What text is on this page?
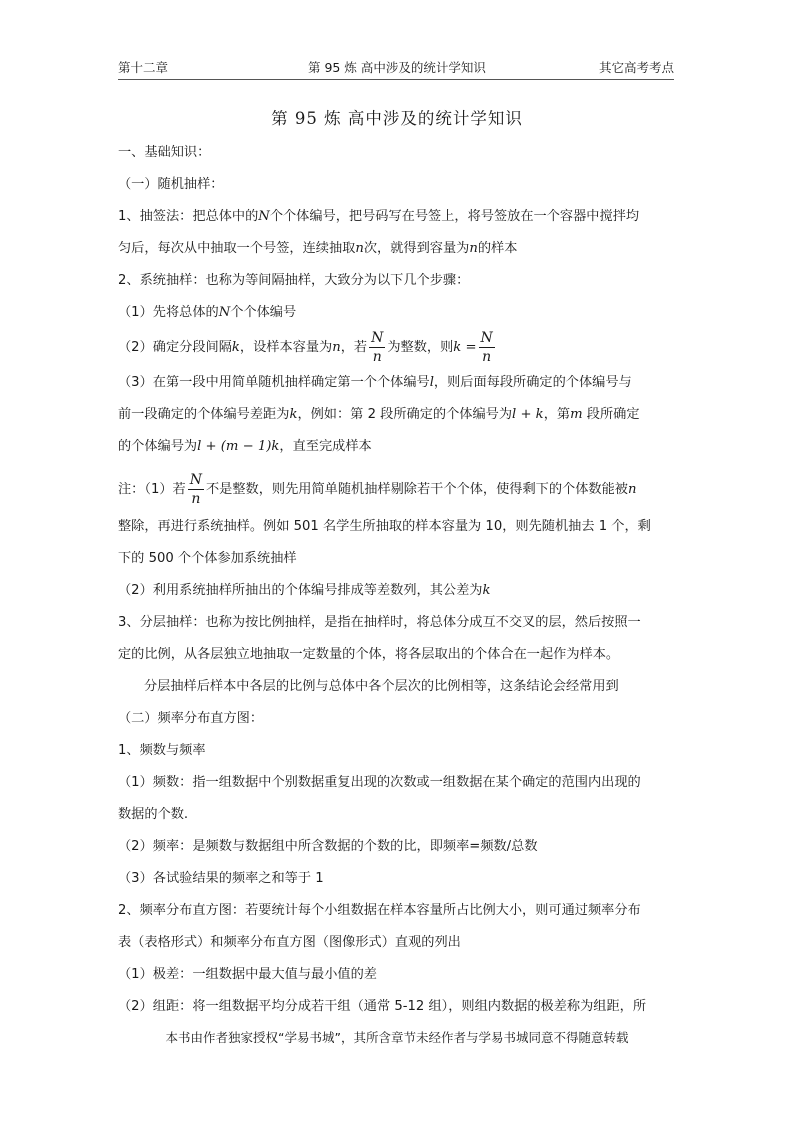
第十二章	第 95 炼 高中涉及的统计学知识	其它高考考点
第 95 炼 高中涉及的统计学知识
一、基础知识：
（一）随机抽样：
1、抽签法：把总体中的N个个体编号，把号码写在号签上，将号签放在一个容器中搅拌均
匀后，每次从中抽取一个号签，连续抽取n次，就得到容量为n的样本
2、系统抽样：也称为等间隔抽样，大致分为以下几个步骤：
（1）先将总体的N个个体编号
（2）确定分段间隔k，设样本容量为n，若 $\frac{N}{n}$ 为整数，则$k = \frac{N}{n}$
（3）在第一段中用简单随机抽样确定第一个个体编号l，则后面每段所确定的个体编号与
前一段确定的个体编号差距为k，例如：第 2 段所确定的个体编号为l + k，第m 段所确定
的个体编号为l + (m − 1)k，直至完成样本
注：（1）若 $\frac{N}{n}$ 不是整数，则先用简单随机抽样剔除若干个个体，使得剩下的个体数能被n
整除，再进行系统抽样。例如 501 名学生所抽取的样本容量为 10，则先随机抽去 1 个，剩
下的 500 个个体参加系统抽样
（2）利用系统抽样所抽出的个体编号排成等差数列，其公差为k
3、分层抽样：也称为按比例抽样，是指在抽样时，将总体分成互不交叉的层，然后按照一
定的比例，从各层独立地抽取一定数量的个体，将各层取出的个体合在一起作为样本。
分层抽样后样本中各层的比例与总体中各个层次的比例相等，这条结论会经常用到
（二）频率分布直方图：
1、频数与频率
（1）频数：指一组数据中个别数据重复出现的次数或一组数据在某个确定的范围内出现的
数据的个数.
（2）频率：是频数与数据组中所含数据的个数的比，即频率=频数/总数
（3）各试验结果的频率之和等于 1
2、频率分布直方图：若要统计每个小组数据在样本容量所占比例大小，则可通过频率分布
表（表格形式）和频率分布直方图（图像形式）直观的列出
（1）极差：一组数据中最大值与最小值的差
（2）组距：将一组数据平均分成若干组（通常 5-12 组），则组内数据的极差称为组距，所
本书由作者独家授权“学易书城”，其所含章节未经作者与学易书城同意不得随意转载
